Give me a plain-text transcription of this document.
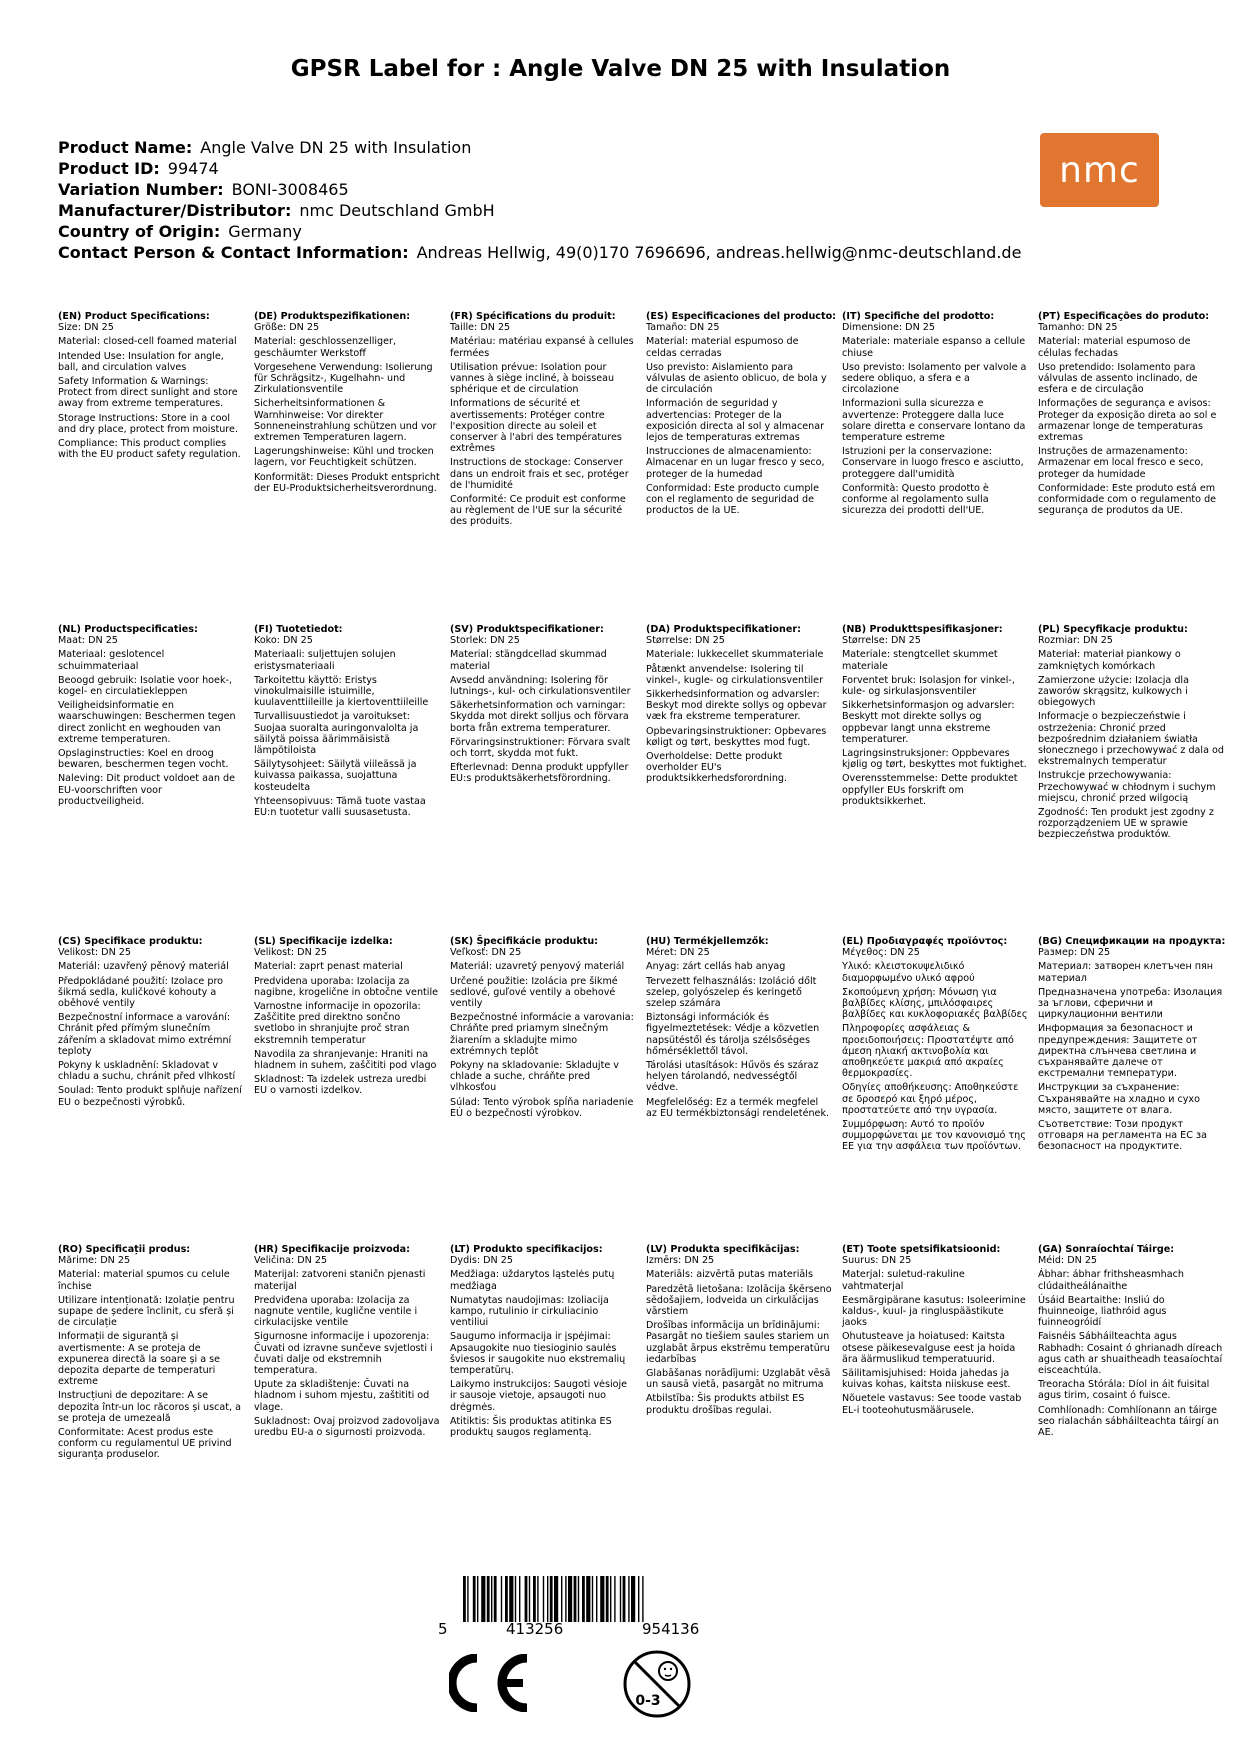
GPSR Label for : Angle Valve DN 25 with Insulation
Product Name : Angle Valve DN 25 with Insulation
Product ID : 99474
Variation Number : BONI-3008465
Manufacturer/Distributor : nmc Deutschland GmbH
Country of Origin : Germany
Contact Person & Contact Information : Andreas Hellwig, 49(0)170 7696696, andreas.hellwig@nmc-deutschland.de
nmc
(EN) Product Specifications:
Size: DN 25
Material: closed-cell foamed material
Intended Use: Insulation for angle, ball, and circulation valves
Safety Information & Warnings: Protect from direct sunlight and store away from extreme temperatures.
Storage Instructions: Store in a cool and dry place, protect from moisture.
Compliance: This product complies with the EU product safety regulation.
(DE) Produktspezifikationen:
Größe: DN 25
Material: geschlossenzelliger, geschäumter Werkstoff
Vorgesehene Verwendung: Isolierung für Schrägsitz-, Kugelhahn- und Zirkulationsventile
Sicherheitsinformationen & Warnhinweise: Vor direkter Sonneneinstrahlung schützen und vor extremen Temperaturen lagern.
Lagerungshinweise: Kühl und trocken lagern, vor Feuchtigkeit schützen.
Konformität: Dieses Produkt entspricht der EU-Produktsicherheitsverordnung.
(FR) Spécifications du produit:
Taille: DN 25
Matériau: matériau expansé à cellules fermées
Utilisation prévue: Isolation pour vannes à siège incliné, à boisseau sphérique et de circulation
Informations de sécurité et avertissements: Protéger contre l'exposition directe au soleil et conserver à l'abri des températures extrêmes
Instructions de stockage: Conserver dans un endroit frais et sec, protéger de l'humidité
Conformité: Ce produit est conforme au règlement de l'UE sur la sécurité des produits.
(ES) Especificaciones del producto:
Tamaño: DN 25
Material: material espumoso de celdas cerradas
Uso previsto: Aislamiento para válvulas de asiento oblicuo, de bola y de circulación
Información de seguridad y advertencias: Proteger de la exposición directa al sol y almacenar lejos de temperaturas extremas
Instrucciones de almacenamiento: Almacenar en un lugar fresco y seco, proteger de la humedad
Conformidad: Este producto cumple con el reglamento de seguridad de productos de la UE.
(IT) Specifiche del prodotto:
Dimensione: DN 25
Materiale: materiale espanso a cellule chiuse
Uso previsto: Isolamento per valvole a sedere obliquo, a sfera e a circolazione
Informazioni sulla sicurezza e avvertenze: Proteggere dalla luce solare diretta e conservare lontano da temperature estreme
Istruzioni per la conservazione: Conservare in luogo fresco e asciutto, proteggere dall'umidità
Conformità: Questo prodotto è conforme al regolamento sulla sicurezza dei prodotti dell'UE.
(PT) Especificações do produto:
Tamanho: DN 25
Material: material espumoso de células fechadas
Uso pretendido: Isolamento para válvulas de assento inclinado, de esfera e de circulação
Informações de segurança e avisos: Proteger da exposição direta ao sol e armazenar longe de temperaturas extremas
Instruções de armazenamento: Armazenar em local fresco e seco, proteger da humidade
Conformidade: Este produto está em conformidade com o regulamento de segurança de produtos da UE.
(NL) Productspecificaties:
Maat: DN 25
Materiaal: geslotencel schuimmateriaal
Beoogd gebruik: Isolatie voor hoek-, kogel- en circulatiekleppen
Veiligheidsinformatie en waarschuwingen: Beschermen tegen direct zonlicht en weghouden van extreme temperaturen.
Opslaginstructies: Koel en droog bewaren, beschermen tegen vocht.
Naleving: Dit product voldoet aan de EU-voorschriften voor productveiligheid.
(FI) Tuotetiedot:
Koko: DN 25
Materiaali: suljettujen solujen eristysmateriaali
Tarkoitettu käyttö: Eristys vinokulmaisille istuimille, kuulaventtiileille ja kiertoventtiileille
Turvallisuustiedot ja varoitukset: Suojaa suoralta auringonvalolta ja säilytä poissa äärimmäisistä lämpötiloista
Säilytysohjeet: Säilytä viileässä ja kuivassa paikassa, suojattuna kosteudelta
Yhteensopivuus: Tämä tuote vastaa EU:n tuotetur valli suusasetusta.
(SV) Produktspecifikationer:
Storlek: DN 25
Material: stängdcellad skummad material
Avsedd användning: Isolering för lutnings-, kul- och cirkulationsventiler
Säkerhetsinformation och varningar: Skydda mot direkt solljus och förvara borta från extrema temperaturer.
Förvaringsinstruktioner: Förvara svalt och torrt, skydda mot fukt.
Efterlevnad: Denna produkt uppfyller EU:s produktsäkerhetsförordning.
(DA) Produktspecifikationer:
Størrelse: DN 25
Materiale: lukkecellet skummateriale
Påtænkt anvendelse: Isolering til vinkel-, kugle- og cirkulationsventiler
Sikkerhedsinformation og advarsler: Beskyt mod direkte sollys og opbevar væk fra ekstreme temperaturer.
Opbevaringsinstruktioner: Opbevares køligt og tørt, beskyttes mod fugt.
Overholdelse: Dette produkt overholder EU's produktsikkerhedsforordning.
(NB) Produkttspesifikasjoner:
Størrelse: DN 25
Materiale: stengtcellet skummet materiale
Forventet bruk: Isolasjon for vinkel-, kule- og sirkulasjonsventiler
Sikkerhetsinformasjon og advarsler: Beskytt mot direkte sollys og oppbevar langt unna ekstreme temperaturer.
Lagringsinstruksjoner: Oppbevares kjølig og tørt, beskyttes mot fuktighet.
Overensstemmelse: Dette produktet oppfyller EUs forskrift om produktsikkerhet.
(PL) Specyfikacje produktu:
Rozmiar: DN 25
Materiał: materiał piankowy o zamkniętych komórkach
Zamierzone użycie: Izolacja dla zaworów skrągsitz, kulkowych i obiegowych
Informacje o bezpieczeństwie i ostrzeżenia: Chronić przed bezpośrednim działaniem światła słonecznego i przechowywać z dala od ekstremalnych temperatur
Instrukcje przechowywania: Przechowywać w chłodnym i suchym miejscu, chronić przed wilgocią
Zgodność: Ten produkt jest zgodny z rozporządzeniem UE w sprawie bezpieczeństwa produktów.
(CS) Specifikace produktu:
Velikost: DN 25
Materiál: uzavřený pěnový materiál
Předpokládané použití: Izolace pro šikmá sedla, kuličkové kohouty a oběhové ventily
Bezpečnostní informace a varování: Chránit před přímým slunečním zářením a skladovat mimo extrémní teploty
Pokyny k uskladnění: Skladovat v chladu a suchu, chránit před vlhkostí
Soulad: Tento produkt splňuje nařízení EU o bezpečnosti výrobků.
(SL) Specifikacije izdelka:
Velikost: DN 25
Material: zaprt penast material
Predvidena uporaba: Izolacija za nagibne, krogelične in obtočne ventile
Varnostne informacije in opozorila: Zaščitite pred direktno sončno svetlobo in shranjujte proč stran ekstremnih temperatur
Navodila za shranjevanje: Hraniti na hladnem in suhem, zaščititi pod vlago
Skladnost: Ta izdelek ustreza uredbi EU o varnosti izdelkov.
(SK) Špecifikácie produktu:
Veľkosť: DN 25
Materiál: uzavretý penyový materiál
Určené použitie: Izolácia pre šikmé sedlové, guľové ventily a obehové ventily
Bezpečnostné informácie a varovania: Chráňte pred priamym slnečným žiarením a skladujte mimo extrémnych teplôt
Pokyny na skladovanie: Skladujte v chlade a suche, chráňte pred vlhkosťou
Súlad: Tento výrobok spĺňa nariadenie EÚ o bezpečnosti výrobkov.
(HU) Termékjellemzők:
Méret: DN 25
Anyag: zárt cellás hab anyag
Tervezett felhasználás: Izoláció dőlt szelep, golyószelep és keringető szelep számára
Biztonsági információk és figyelmeztetések: Védje a közvetlen napsütéstől és tárolja szélsőséges hőmérséklettől távol.
Tárolási utasítások: Hűvös és száraz helyen tárolandó, nedvességtől védve.
Megfelelőség: Ez a termék megfelel az EU termékbiztonsági rendeletének.
(EL) Προδιαγραφές προϊόντος:
Μέγεθος: DN 25
Υλικό: κλειστοκυψελιδικό διαμορφωμένο υλικό αφρού
Σκοπούμενη χρήση: Μόνωση για βαλβίδες κλίσης, μπιλόσφαιρες βαλβίδες και κυκλοφοριακές βαλβίδες
Πληροφορίες ασφάλειας & προειδοποιήσεις: Προστατέψτε από άμεση ηλιακή ακτινοβολία και αποθηκεύετε μακριά από ακραίες θερμοκρασίες.
Οδηγίες αποθήκευσης: Αποθηκεύστε σε δροσερό και ξηρό μέρος, προστατεύετε από την υγρασία.
Συμμόρφωση: Αυτό το προϊόν συμμορφώνεται με τον κανονισμό της ΕΕ για την ασφάλεια των προϊόντων.
(BG) Спецификации на продукта:
Размер: DN 25
Материал: затворен клетъчен пян материал
Предназначена употреба: Изолация за ъглови, сферични и циркулационни вентили
Информация за безопасност и предупреждения: Защитете от директна слънчева светлина и съхранявайте далече от екстремални температури.
Инструкции за съхранение: Съхранявайте на хладно и сухо място, защитете от влага.
Съответствие: Този продукт отговаря на регламента на ЕС за безопасност на продуктите.
(RO) Specificații produs:
Mărime: DN 25
Material: material spumos cu celule închise
Utilizare intenționată: Izolație pentru supape de ședere înclinit, cu sferă și de circulație
Informații de siguranță și avertismente: A se proteja de expunerea directă la soare și a se depozita departe de temperaturi extreme
Instrucțiuni de depozitare: A se depozita într-un loc răcoros și uscat, a se proteja de umezeală
Conformitate: Acest produs este conform cu regulamentul UE privind siguranța produselor.
(HR) Specifikacije proizvoda:
Veličina: DN 25
Materijal: zatvoreni staničn pjenasti materijal
Predviđena uporaba: Izolacija za nagnute ventile, kuglične ventile i cirkulacijske ventile
Sigurnosne informacije i upozorenja: Čuvati od izravne sunčeve svjetlosti i čuvati dalje od ekstremnih temperatura.
Upute za skladištenje: Čuvati na hladnom i suhom mjestu, zaštititi od vlage.
Sukladnost: Ovaj proizvod zadovoljava uredbu EU-a o sigurnosti proizvoda.
(LT) Produkto specifikacijos:
Dydis: DN 25
Medžiaga: uždarytos ląstelės putų medžiaga
Numatytas naudojimas: Izoliacija kampo, rutulinio ir cirkuliacinio ventiliui
Saugumo informacija ir įspėjimai: Apsaugokite nuo tiesioginio saulės šviesos ir saugokite nuo ekstremalių temperatūrų.
Laikymo instrukcijos: Saugoti vėsioje ir sausoje vietoje, apsaugoti nuo drėgmės.
Atitiktis: Šis produktas atitinka ES produktų saugos reglamentą.
(LV) Produkta specifikācijas:
Izmērs: DN 25
Materiāls: aizvērtā putas materiāls
Paredzētā lietošana: Izolācija šķērseno sēdošajiem, lodveida un cirkulācijas vārstiem
Drošības informācija un brīdinājumi: Pasargāt no tiešiem saules stariem un uzglabāt ārpus ekstrēmu temperatūru iedarbības
Glabāšanas norādījumi: Uzglabāt vēsā un sausā vietā, pasargāt no mitruma
Atbilstība: Šis produkts atbilst ES produktu drošības regulai.
(ET) Toote spetsifikatsioonid:
Suurus: DN 25
Materjal: suletud-rakuline vahtmaterjal
Eesmärgipärane kasutus: Isoleerimine kaldus-, kuul- ja ringluspäästikute jaoks
Ohutusteave ja hoiatused: Kaitsta otsese päikesevalguse eest ja hoida ära äärmuslikud temperatuurid.
Säilitamisjuhised: Hoida jahedas ja kuivas kohas, kaitsta niiskuse eest.
Nõuetele vastavus: See toode vastab EL-i tooteohutusmäärusele.
(GA) Sonraíochtaí Táirge:
Méid: DN 25
Ábhar: ábhar frithsheasmhach clúdaitheálánaithe
Úsáid Beartaithe: Insliú do fhuinneoige, liathróid agus fuinneogróidí
Faisnéis Sábháilteachta agus Rabhadh: Cosaint ó ghrianadh díreach agus cath ar shuaitheadh teasaíochtaí eisceachtúla.
Treoracha Stórála: Díol in áit fuisital agus tirim, cosaint ó fuisce.
Comhlíonadh: Comhlíonann an táirge seo rialachán sábháilteachta táirgí an AE.
5	413256	954136
0-3
